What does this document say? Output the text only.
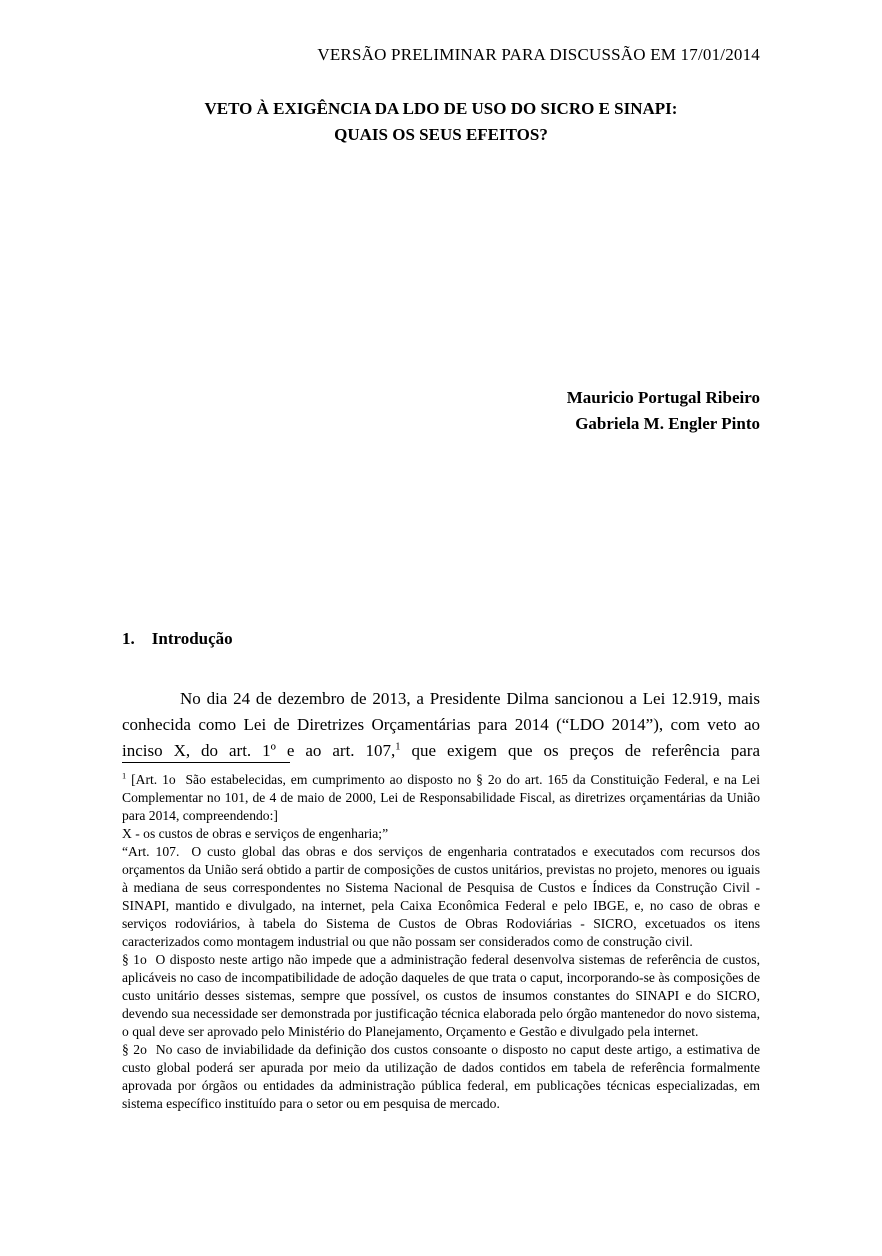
VERSÃO PRELIMINAR PARA DISCUSSÃO EM 17/01/2014
VETO À EXIGÊNCIA DA LDO DE USO DO SICRO E SINAPI:
QUAIS OS SEUS EFEITOS?
Mauricio Portugal Ribeiro
Gabriela M. Engler Pinto
1. Introdução

No dia 24 de dezembro de 2013, a Presidente Dilma sancionou a Lei 12.919, mais conhecida como Lei de Diretrizes Orçamentárias para 2014 (“LDO 2014”), com veto ao inciso X, do art. 1º e ao art. 107,$^1$ que exigem que os preços de referência para

$^1$ [Art. 1o  São estabelecidas, em cumprimento ao disposto no § 2o do art. 165 da Constituição Federal, e na Lei Complementar no 101, de 4 de maio de 2000, Lei de Responsabilidade Fiscal, as diretrizes orçamentárias da União para 2014, compreendendo:]

X - os custos de obras e serviços de engenharia;”

“Art. 107.  O custo global das obras e dos serviços de engenharia contratados e executados com recursos dos orçamentos da União será obtido a partir de composições de custos unitários, previstas no projeto, menores ou iguais à mediana de seus correspondentes no Sistema Nacional de Pesquisa de Custos e Índices da Construção Civil - SINAPI, mantido e divulgado, na internet, pela Caixa Econômica Federal e pelo IBGE, e, no caso de obras e serviços rodoviários, à tabela do Sistema de Custos de Obras Rodoviárias - SICRO, excetuados os itens caracterizados como montagem industrial ou que não possam ser considerados como de construção civil.

§ 1o  O disposto neste artigo não impede que a administração federal desenvolva sistemas de referência de custos, aplicáveis no caso de incompatibilidade de adoção daqueles de que trata o caput, incorporando-se às composições de custo unitário desses sistemas, sempre que possível, os custos de insumos constantes do SINAPI e do SICRO, devendo sua necessidade ser demonstrada por justificação técnica elaborada pelo órgão mantenedor do novo sistema, o qual deve ser aprovado pelo Ministério do Planejamento, Orçamento e Gestão e divulgado pela internet.

§ 2o  No caso de inviabilidade da definição dos custos consoante o disposto no caput deste artigo, a estimativa de custo global poderá ser apurada por meio da utilização de dados contidos em tabela de referência formalmente aprovada por órgãos ou entidades da administração pública federal, em publicações técnicas especializadas, em sistema específico instituído para o setor ou em pesquisa de mercado.
